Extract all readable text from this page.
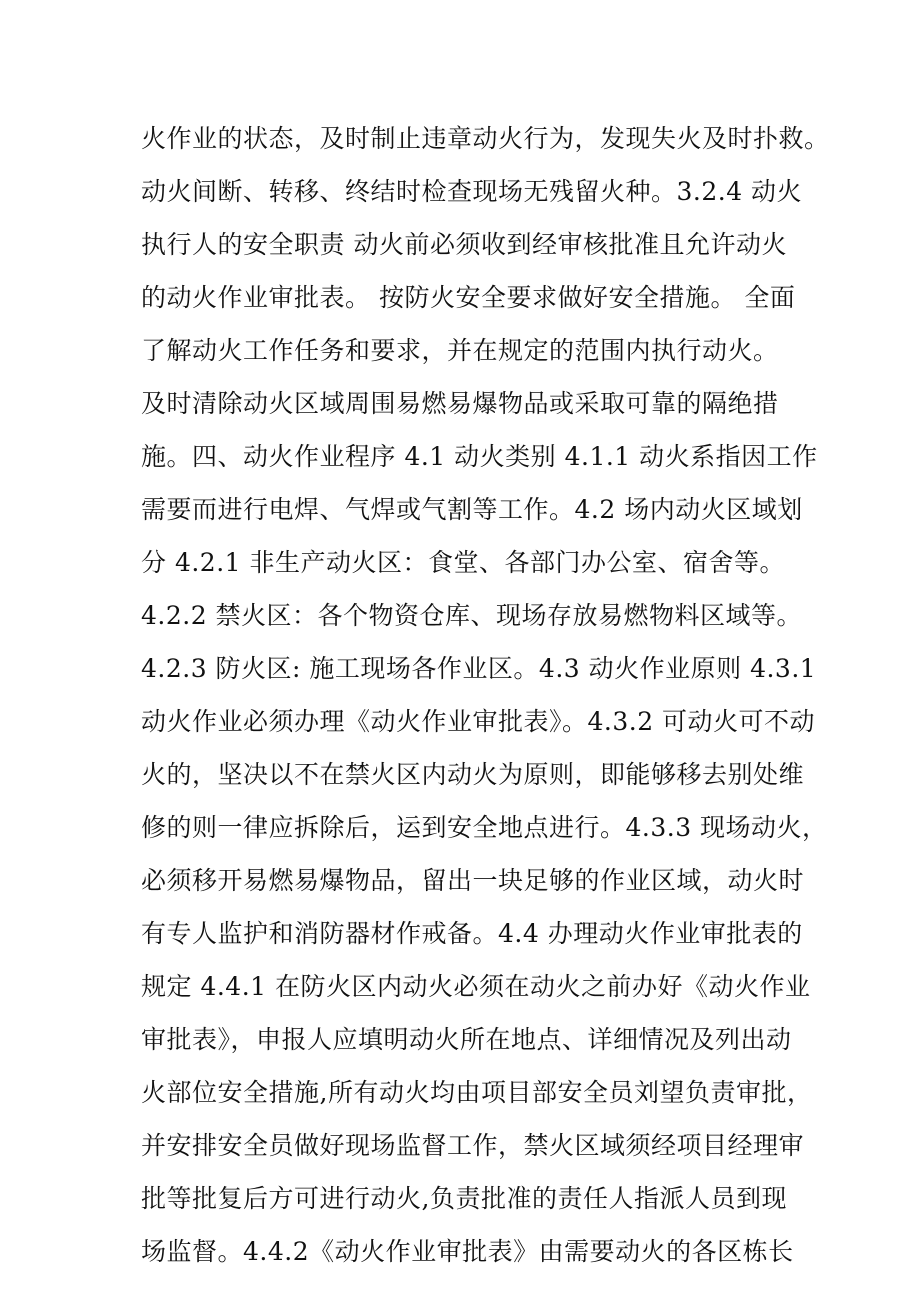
火作业的状态，及时制止违章动火行为，发现失火及时扑救。
动火间断、转移、终结时检查现场无残留火种。3.2.4 动火
执行人的安全职责 动火前必须收到经审核批准且允许动火
的动火作业审批表。 按防火安全要求做好安全措施。 全面
了解动火工作任务和要求，并在规定的范围内执行动火。
及时清除动火区域周围易燃易爆物品或采取可靠的隔绝措
施。四、动火作业程序 4.1 动火类别 4.1.1 动火系指因工作
需要而进行电焊、气焊或气割等工作。4.2 场内动火区域划
分 4.2.1 非生产动火区：食堂、各部门办公室、宿舍等。
4.2.2 禁火区：各个物资仓库、现场存放易燃物料区域等。
4.2.3 防火区: 施工现场各作业区。4.3 动火作业原则 4.3.1
动火作业必须办理《动火作业审批表》。4.3.2 可动火可不动
火的，坚决以不在禁火区内动火为原则，即能够移去别处维
修的则一律应拆除后，运到安全地点进行。4.3.3 现场动火，
必须移开易燃易爆物品，留出一块足够的作业区域，动火时
有专人监护和消防器材作戒备。4.4 办理动火作业审批表的
规定 4.4.1 在防火区内动火必须在动火之前办好《动火作业
审批表》，申报人应填明动火所在地点、详细情况及列出动
火部位安全措施,所有动火均由项目部安全员刘望负责审批，
并安排安全员做好现场监督工作，禁火区域须经项目经理审
批等批复后方可进行动火,负责批准的责任人指派人员到现
场监督。4.4.2《动火作业审批表》由需要动火的各区栋长
